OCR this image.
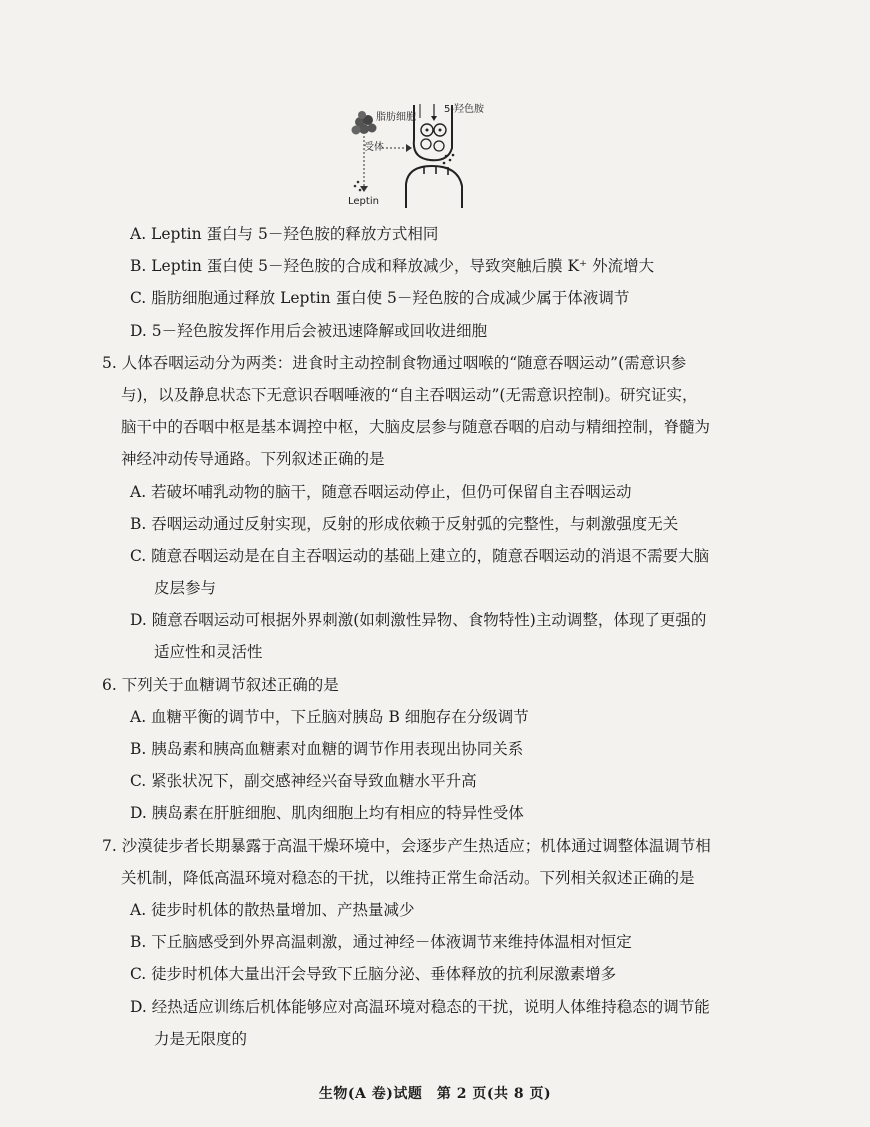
脂肪细胞
受体
Leptin
5-羟色胺
A. Leptin 蛋白与 5－羟色胺的释放方式相同
B. Leptin 蛋白使 5－羟色胺的合成和释放减少，导致突触后膜 K⁺ 外流增大
C. 脂肪细胞通过释放 Leptin 蛋白使 5－羟色胺的合成减少属于体液调节
D. 5－羟色胺发挥作用后会被迅速降解或回收进细胞
5. 人体吞咽运动分为两类：进食时主动控制食物通过咽喉的“随意吞咽运动”(需意识参
与)，以及静息状态下无意识吞咽唾液的“自主吞咽运动”(无需意识控制)。研究证实，
脑干中的吞咽中枢是基本调控中枢，大脑皮层参与随意吞咽的启动与精细控制，脊髓为
神经冲动传导通路。下列叙述正确的是
A. 若破坏哺乳动物的脑干，随意吞咽运动停止，但仍可保留自主吞咽运动
B. 吞咽运动通过反射实现，反射的形成依赖于反射弧的完整性，与刺激强度无关
C. 随意吞咽运动是在自主吞咽运动的基础上建立的，随意吞咽运动的消退不需要大脑
皮层参与
D. 随意吞咽运动可根据外界刺激(如刺激性异物、食物特性)主动调整，体现了更强的
适应性和灵活性
6. 下列关于血糖调节叙述正确的是
A. 血糖平衡的调节中，下丘脑对胰岛 B 细胞存在分级调节
B. 胰岛素和胰高血糖素对血糖的调节作用表现出协同关系
C. 紧张状况下，副交感神经兴奋导致血糖水平升高
D. 胰岛素在肝脏细胞、肌肉细胞上均有相应的特异性受体
7. 沙漠徒步者长期暴露于高温干燥环境中，会逐步产生热适应；机体通过调整体温调节相
关机制，降低高温环境对稳态的干扰，以维持正常生命活动。下列相关叙述正确的是
A. 徒步时机体的散热量增加、产热量减少
B. 下丘脑感受到外界高温刺激，通过神经－体液调节来维持体温相对恒定
C. 徒步时机体大量出汗会导致下丘脑分泌、垂体释放的抗利尿激素增多
D. 经热适应训练后机体能够应对高温环境对稳态的干扰，说明人体维持稳态的调节能
力是无限度的
生物(A 卷)试题　第 2 页(共 8 页)
